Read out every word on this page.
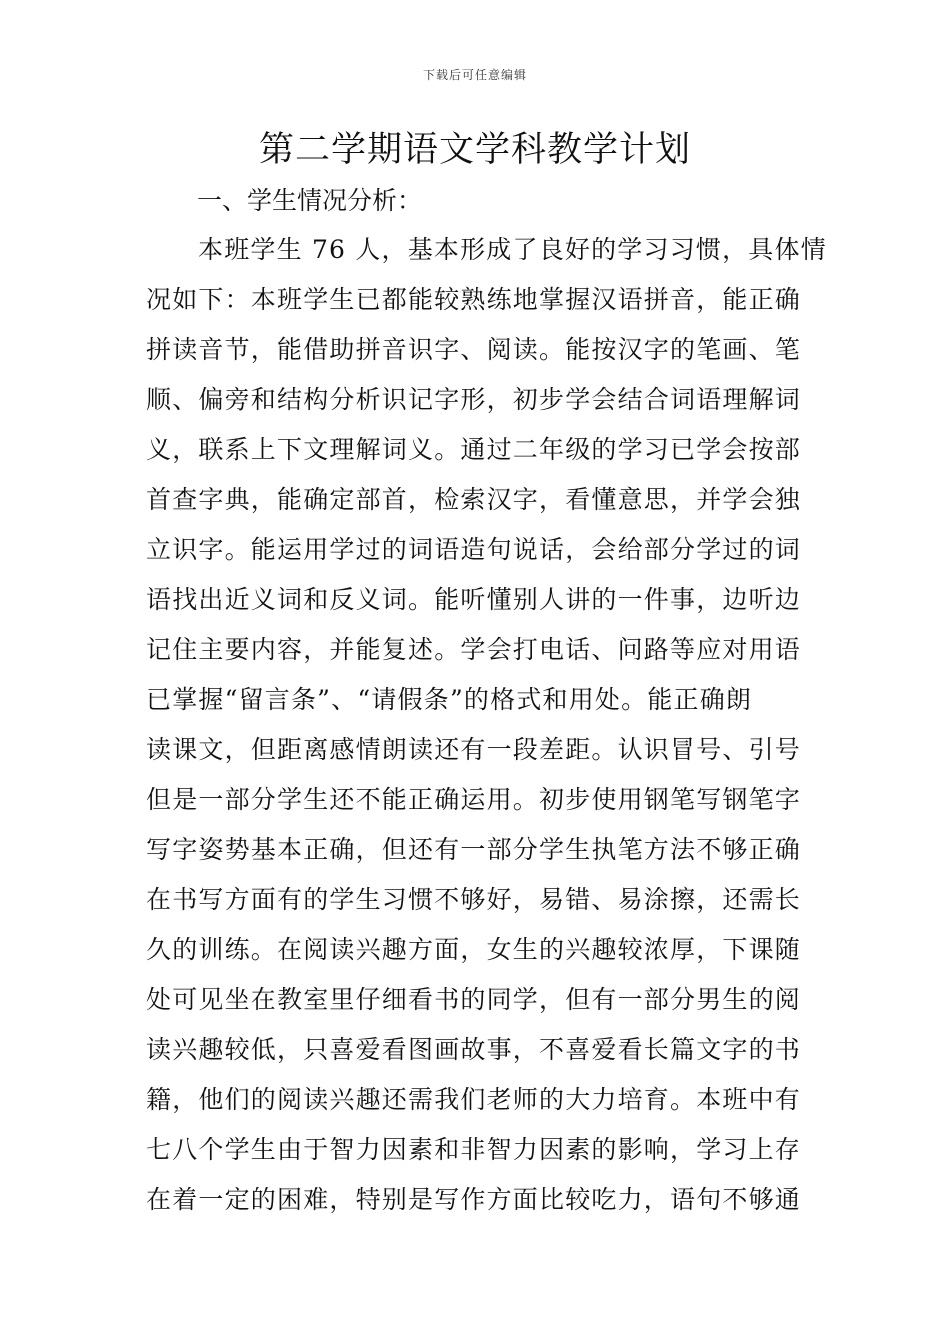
下载后可任意编辑
第二学期语文学科教学计划

一、学生情况分析：

本班学生 76 人，基本形成了良好的学习习惯，具体情
况如下：本班学生已都能较熟练地掌握汉语拼音，能正确
拼读音节，能借助拼音识字、阅读。能按汉字的笔画、笔
顺、偏旁和结构分析识记字形，初步学会结合词语理解词
义，联系上下文理解词义。通过二年级的学习已学会按部
首查字典，能确定部首，检索汉字，看懂意思，并学会独
立识字。能运用学过的词语造句说话，会给部分学过的词
语找出近义词和反义词。能听懂别人讲的一件事，边听边
记住主要内容，并能复述。学会打电话、问路等应对用语
已掌握“留言条”、“请假条”的格式和用处。能正确朗
读课文，但距离感情朗读还有一段差距。认识冒号、引号
但是一部分学生还不能正确运用。初步使用钢笔写钢笔字
写字姿势基本正确，但还有一部分学生执笔方法不够正确
在书写方面有的学生习惯不够好，易错、易涂擦，还需长
久的训练。在阅读兴趣方面，女生的兴趣较浓厚，下课随
处可见坐在教室里仔细看书的同学，但有一部分男生的阅
读兴趣较低，只喜爱看图画故事，不喜爱看长篇文字的书
籍，他们的阅读兴趣还需我们老师的大力培育。本班中有
七八个学生由于智力因素和非智力因素的影响，学习上存
在着一定的困难，特别是写作方面比较吃力，语句不够通
